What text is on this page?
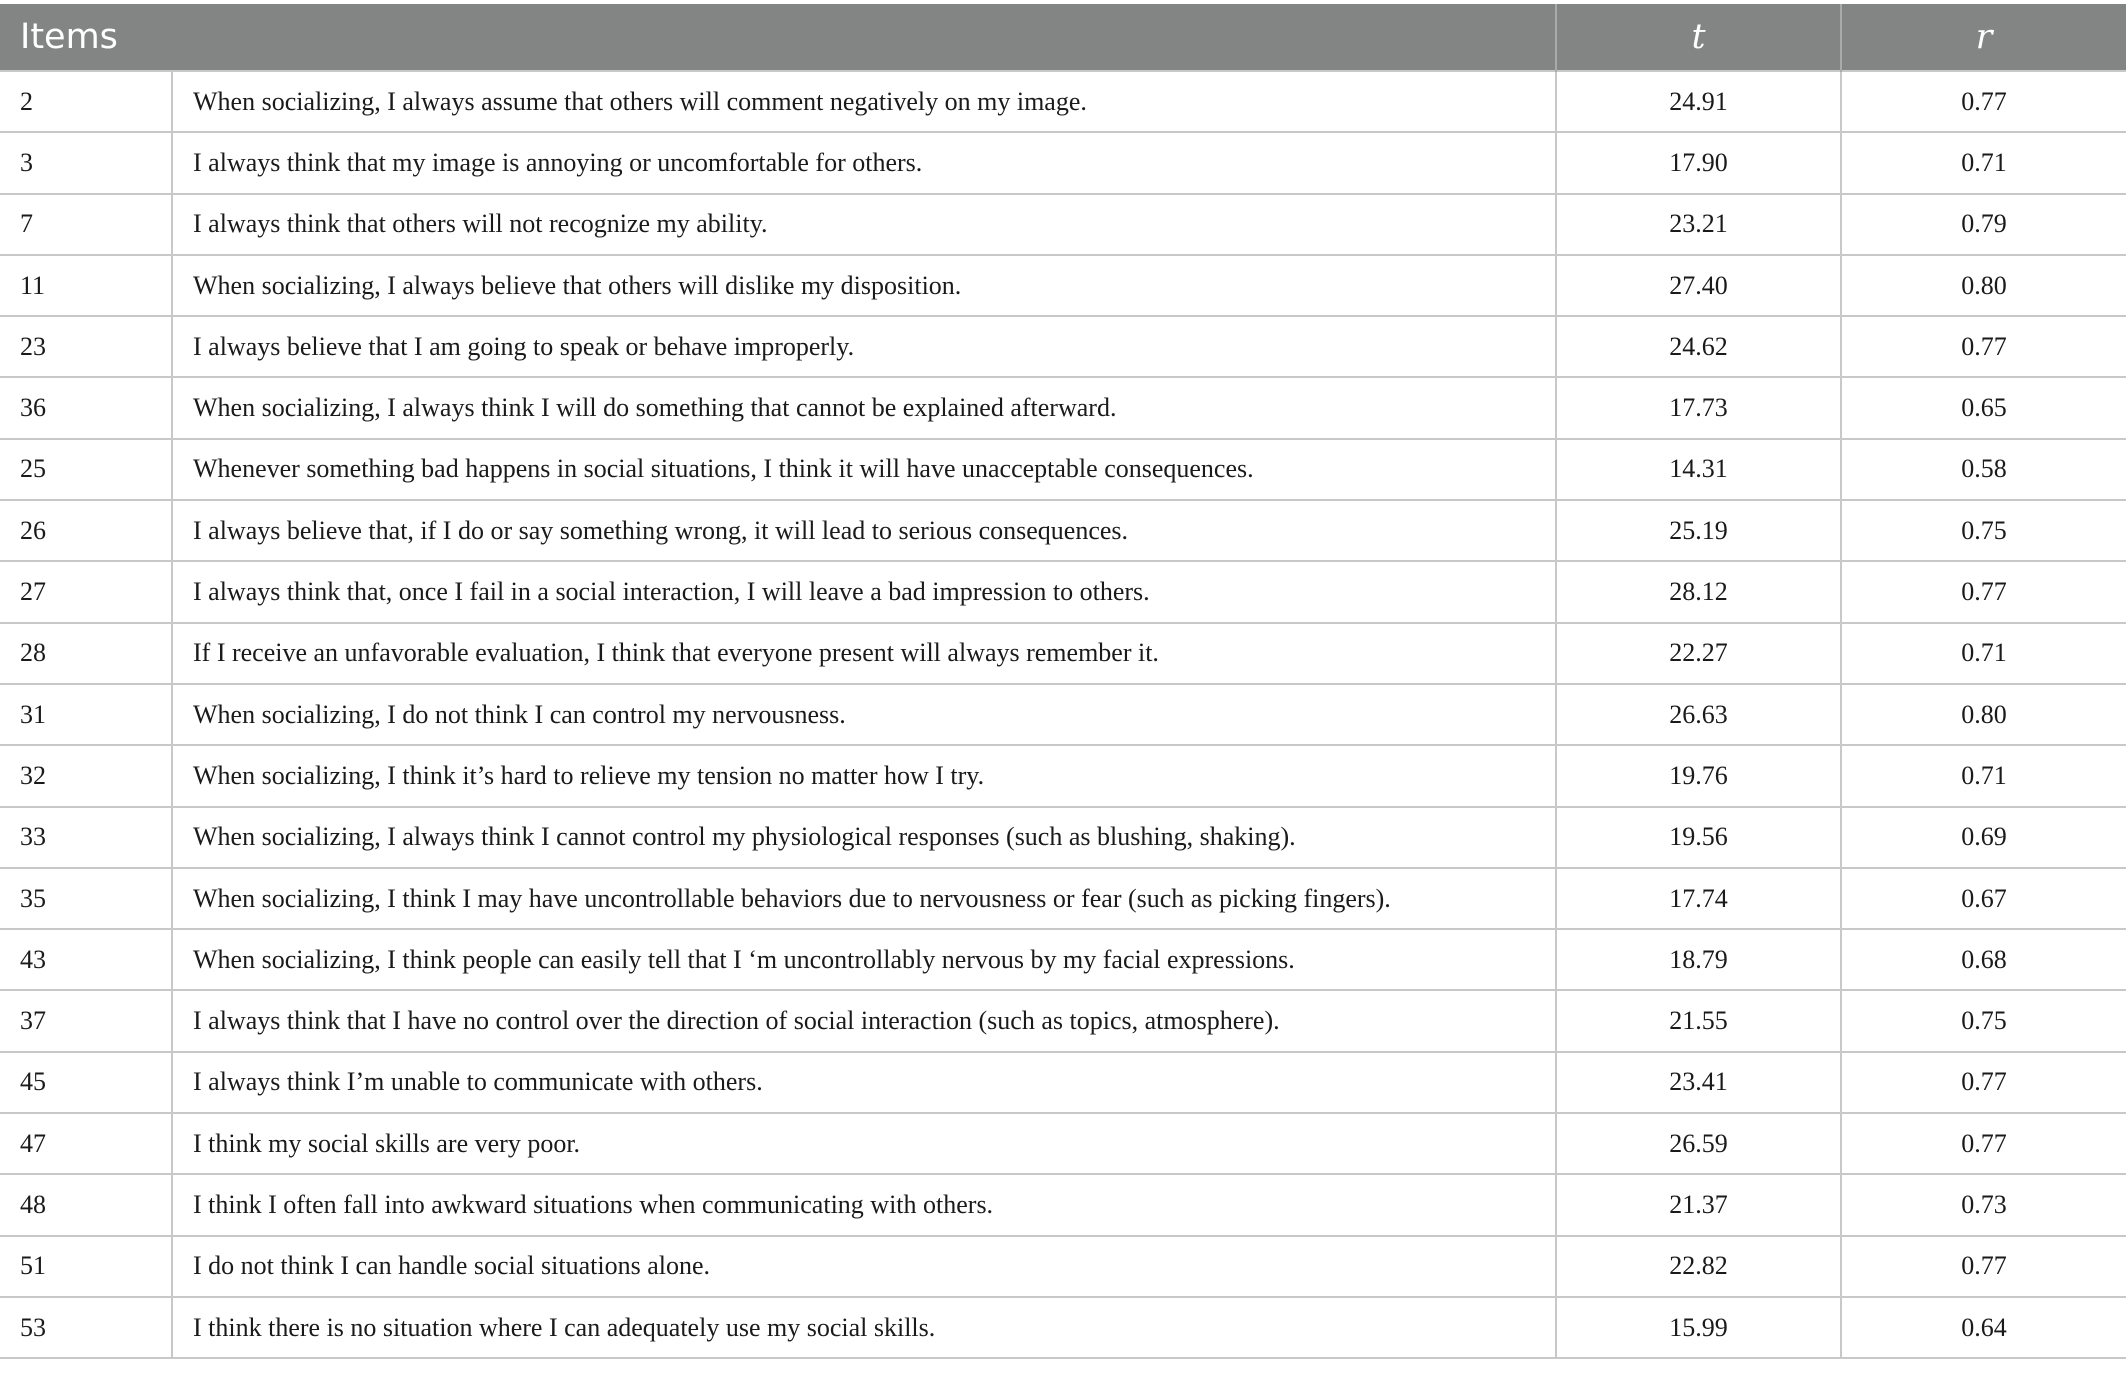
Items		t	r
2	When socializing, I always assume that others will comment negatively on my image.	24.91	0.77
3	I always think that my image is annoying or uncomfortable for others.	17.90	0.71
7	I always think that others will not recognize my ability.	23.21	0.79
11	When socializing, I always believe that others will dislike my disposition.	27.40	0.80
23	I always believe that I am going to speak or behave improperly.	24.62	0.77
36	When socializing, I always think I will do something that cannot be explained afterward.	17.73	0.65
25	Whenever something bad happens in social situations, I think it will have unacceptable consequences.	14.31	0.58
26	I always believe that, if I do or say something wrong, it will lead to serious consequences.	25.19	0.75
27	I always think that, once I fail in a social interaction, I will leave a bad impression to others.	28.12	0.77
28	If I receive an unfavorable evaluation, I think that everyone present will always remember it.	22.27	0.71
31	When socializing, I do not think I can control my nervousness.	26.63	0.80
32	When socializing, I think it’s hard to relieve my tension no matter how I try.	19.76	0.71
33	When socializing, I always think I cannot control my physiological responses (such as blushing, shaking).	19.56	0.69
35	When socializing, I think I may have uncontrollable behaviors due to nervousness or fear (such as picking fingers).	17.74	0.67
43	When socializing, I think people can easily tell that I ‘m uncontrollably nervous by my facial expressions.	18.79	0.68
37	I always think that I have no control over the direction of social interaction (such as topics, atmosphere).	21.55	0.75
45	I always think I’m unable to communicate with others.	23.41	0.77
47	I think my social skills are very poor.	26.59	0.77
48	I think I often fall into awkward situations when communicating with others.	21.37	0.73
51	I do not think I can handle social situations alone.	22.82	0.77
53	I think there is no situation where I can adequately use my social skills.	15.99	0.64
